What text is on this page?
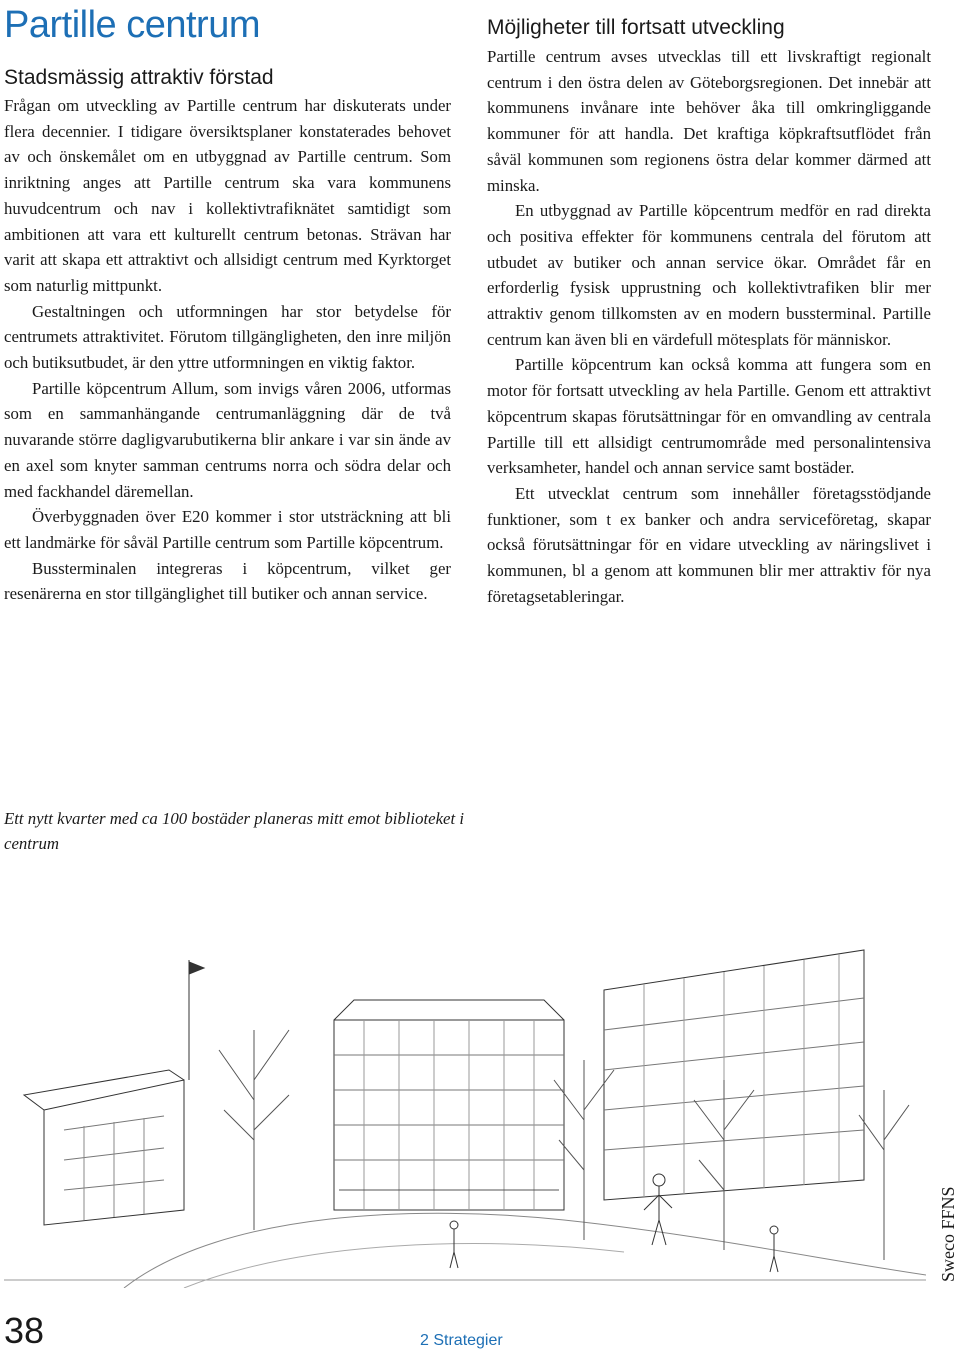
Partille centrum
Stadsmässig attraktiv förstad

Frågan om utveckling av Partille centrum har diskuterats under flera decennier. I tidigare översiktsplaner konstaterades behovet av och önskemålet om en utbyggnad av Partille centrum. Som inriktning anges att Partille centrum ska vara kommunens huvudcentrum och nav i kollektivtrafiknätet samtidigt som ambitionen att vara ett kulturellt centrum betonas. Strävan har varit att skapa ett attraktivt och allsidigt centrum med Kyrktorget som naturlig mittpunkt.

Gestaltningen och utformningen har stor betydelse för centrumets attraktivitet. Förutom tillgängligheten, den inre miljön och butiksutbudet, är den yttre utformningen en viktig faktor.

Partille köpcentrum Allum, som invigs våren 2006, utformas som en sammanhängande centrumanläggning där de två nuvarande större dagligvarubutikerna blir ankare i var sin ände av en axel som knyter samman centrums norra och södra delar och med fackhandel däremellan.

Överbyggnaden över E20 kommer i stor utsträckning att bli ett landmärke för såväl Partille centrum som Partille köpcentrum.

Bussterminalen integreras i köpcentrum, vilket ger resenärerna en stor tillgänglighet till butiker och annan service.

Möjligheter till fortsatt utveckling

Partille centrum avses utvecklas till ett livskraftigt regionalt centrum i den östra delen av Göteborgsregionen. Det innebär att kommunens invånare inte behöver åka till omkringliggande kommuner för att handla. Det kraftiga köpkraftsutflödet från såväl kommunen som regionens östra delar kommer därmed att minska.

En utbyggnad av Partille köpcentrum medför en rad direkta och positiva effekter för kommunens centrala del förutom att utbudet av butiker och annan service ökar. Området får en erforderlig fysisk upprustning och kollektivtrafiken blir mer attraktiv genom tillkomsten av en modern bussterminal. Partille centrum kan även bli en värdefull mötesplats för människor.

Partille köpcentrum kan också komma att fungera som en motor för fortsatt utveckling av hela Partille. Genom ett attraktivt köpcentrum skapas förutsättningar för en omvandling av centrala Partille till ett allsidigt centrumområde med personalintensiva verksamheter, handel och annan service samt bostäder.

Ett utvecklat centrum som innehåller företagsstödjande funktioner, som t ex banker och andra serviceföretag, skapar också förutsättningar för en vidare utveckling av näringslivet i kommunen, bl a genom att kommunen blir mer attraktiv för nya företagsetableringar.

Ett nytt kvarter med ca 100 bostäder planeras mitt emot biblioteket i centrum

Sweco FFNS

38	2 Strategier
